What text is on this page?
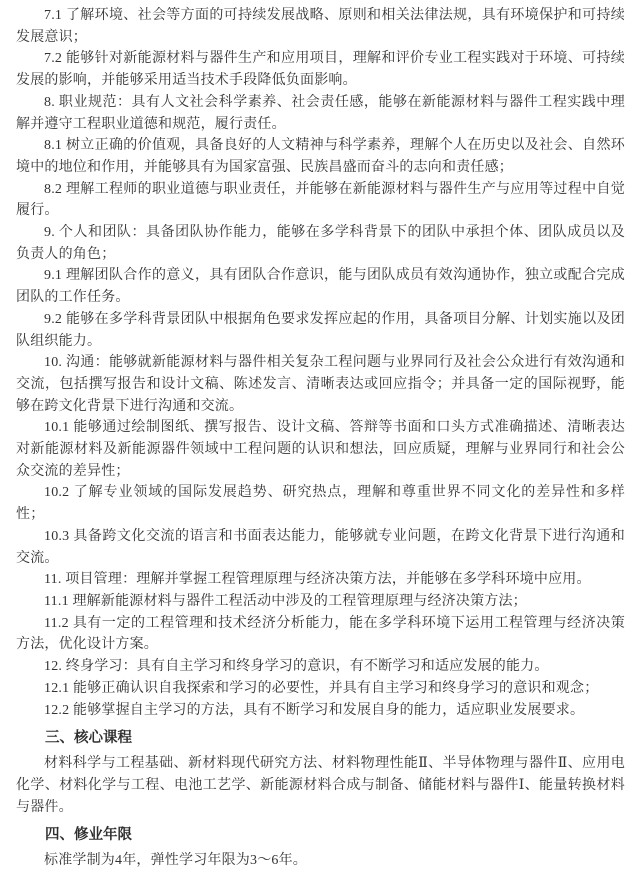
7.1 了解环境、社会等方面的可持续发展战略、原则和相关法律法规，具有环境保护和可持续发展意识；

7.2 能够针对新能源材料与器件生产和应用项目，理解和评价专业工程实践对于环境、可持续发展的影响，并能够采用适当技术手段降低负面影响。

8. 职业规范：具有人文社会科学素养、社会责任感，能够在新能源材料与器件工程实践中理解并遵守工程职业道德和规范，履行责任。

8.1 树立正确的价值观，具备良好的人文精神与科学素养，理解个人在历史以及社会、自然环境中的地位和作用，并能够具有为国家富强、民族昌盛而奋斗的志向和责任感；

8.2 理解工程师的职业道德与职业责任，并能够在新能源材料与器件生产与应用等过程中自觉履行。

9. 个人和团队：具备团队协作能力，能够在多学科背景下的团队中承担个体、团队成员以及负责人的角色；

9.1 理解团队合作的意义，具有团队合作意识，能与团队成员有效沟通协作，独立或配合完成团队的工作任务。

9.2 能够在多学科背景团队中根据角色要求发挥应起的作用，具备项目分解、计划实施以及团队组织能力。

10. 沟通：能够就新能源材料与器件相关复杂工程问题与业界同行及社会公众进行有效沟通和交流，包括撰写报告和设计文稿、陈述发言、清晰表达或回应指令；并具备一定的国际视野，能够在跨文化背景下进行沟通和交流。

10.1 能够通过绘制图纸、撰写报告、设计文稿、答辩等书面和口头方式准确描述、清晰表达对新能源材料及新能源器件领域中工程问题的认识和想法，回应质疑，理解与业界同行和社会公众交流的差异性；

10.2 了解专业领域的国际发展趋势、研究热点，理解和尊重世界不同文化的差异性和多样性；

10.3 具备跨文化交流的语言和书面表达能力，能够就专业问题，在跨文化背景下进行沟通和交流。

11. 项目管理：理解并掌握工程管理原理与经济决策方法，并能够在多学科环境中应用。

11.1 理解新能源材料与器件工程活动中涉及的工程管理原理与经济决策方法；

11.2 具有一定的工程管理和技术经济分析能力，能在多学科环境下运用工程管理与经济决策方法，优化设计方案。

12. 终身学习：具有自主学习和终身学习的意识，有不断学习和适应发展的能力。

12.1 能够正确认识自我探索和学习的必要性，并具有自主学习和终身学习的意识和观念；

12.2 能够掌握自主学习的方法，具有不断学习和发展自身的能力，适应职业发展要求。

三、核心课程

材料科学与工程基础、新材料现代研究方法、材料物理性能Ⅱ、半导体物理与器件Ⅱ、应用电化学、材料化学与工程、电池工艺学、新能源材料合成与制备、储能材料与器件Ⅰ、能量转换材料与器件。

四、修业年限

标准学制为4年，弹性学习年限为3～6年。
